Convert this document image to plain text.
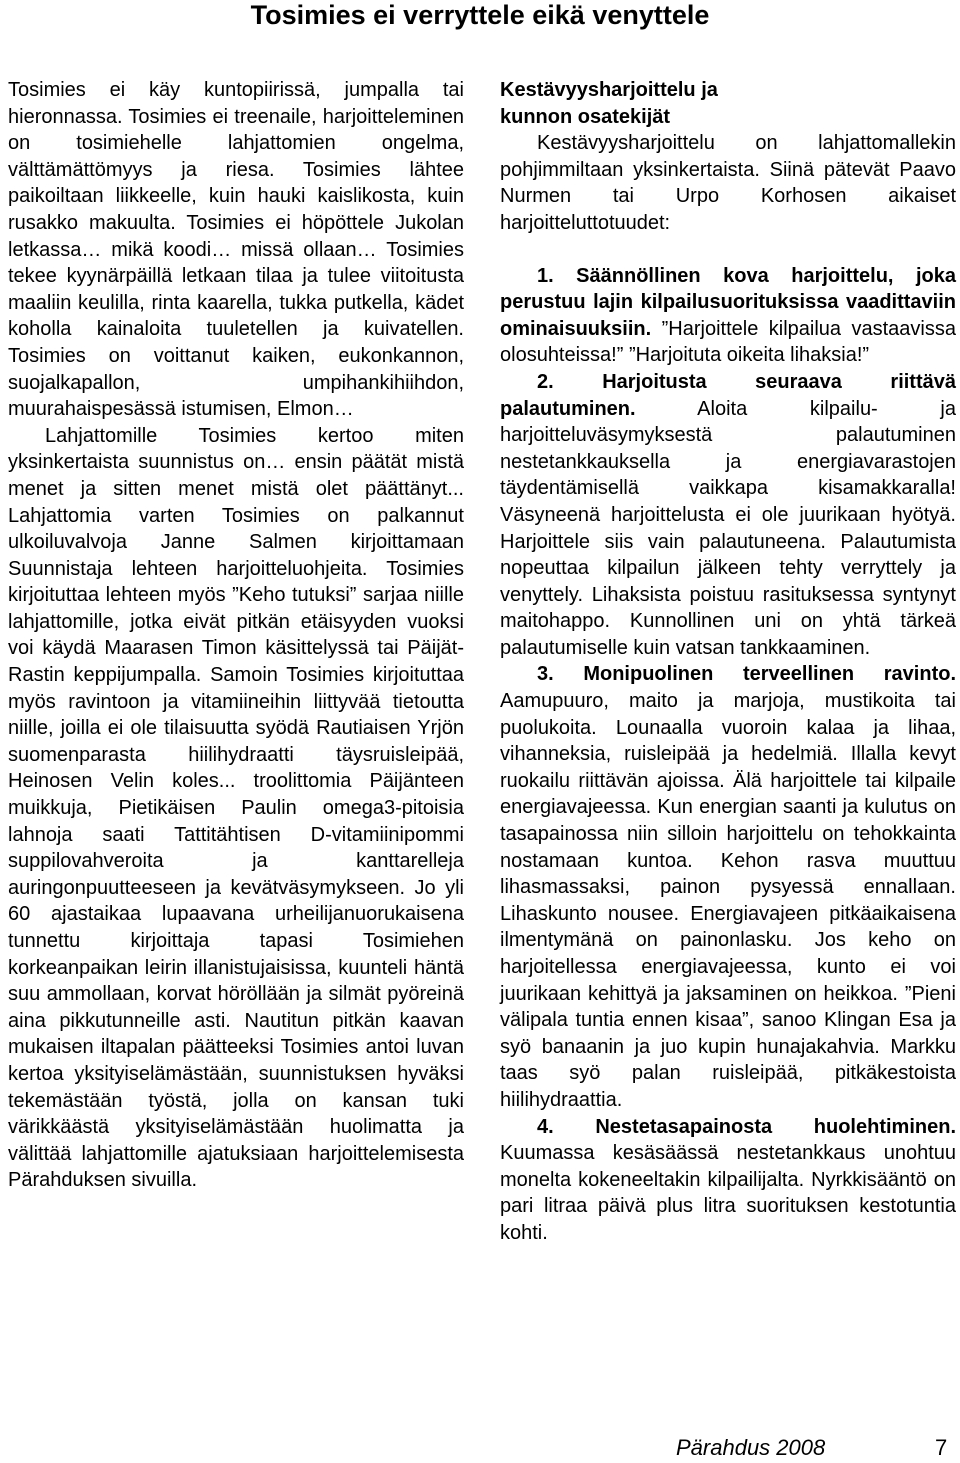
Tosimies ei verryttele eikä venyttele

Tosimies ei käy kuntopiirissä, jumpalla tai hieronnassa. Tosimies ei treenaile, harjoitteleminen on tosimiehelle lahjattomien ongelma, välttämättömyys ja riesa. Tosimies lähtee paikoiltaan liikkeelle, kuin hauki kaislikosta, kuin rusakko makuulta. Tosimies ei höpöttele Jukolan letkassa… mikä koodi… missä ollaan… Tosimies tekee kyynärpäillä letkaan tilaa ja tulee viitoitusta maaliin keulilla, rinta kaarella, tukka putkella, kädet koholla kainaloita tuuletellen ja kuivatellen. Tosimies on voittanut kaiken, eukonkannon, suojalkapallon, umpihankihiihdon, muurahaispesässä istumisen, Elmon…

Lahjattomille Tosimies kertoo miten yksinkertaista suunnistus on… ensin päätät mistä menet ja sitten menet mistä olet päättänyt... Lahjattomia varten Tosimies on palkannut ulkoiluvalvoja Janne Salmen kirjoittamaan Suunnistaja lehteen harjoitteluohjeita. Tosimies kirjoituttaa lehteen myös ”Keho tutuksi” sarjaa niille lahjattomille, jotka eivät pitkän etäisyyden vuoksi voi käydä Maarasen Timon käsittelyssä tai Päijät-Rastin keppijumpalla. Samoin Tosimies kirjoituttaa myös ravintoon ja vitamiineihin liittyvää tietoutta niille, joilla ei ole tilaisuutta syödä Rautiaisen Yrjön suomenparasta hiilihydraatti täysruisleipää, Heinosen Velin koles... troolittomia Päijänteen muikkuja, Pietikäisen Paulin omega3-pitoisia lahnoja saati Tattitähtisen D-vitamiinipommi suppilovahveroita ja kanttarelleja auringonpuutteeseen ja kevätväsymykseen. Jo yli 60 ajastaikaa lupaavana urheilijanuorukaisena tunnettu kirjoittaja tapasi Tosimiehen korkeanpaikan leirin illanistujaisissa, kuunteli häntä suu ammollaan, korvat höröllään ja silmät pyöreinä aina pikkutunneille asti. Nautitun pitkän kaavan mukaisen iltapalan päätteeksi Tosimies antoi luvan kertoa yksityiselämästään, suunnistuksen hyväksi tekemästään työstä, jolla on kansan tuki värikkäästä yksityiselämästään huolimatta ja välittää lahjattomille ajatuksiaan harjoittelemisesta Pärahduksen sivuilla.

Kestävyysharjoittelu ja
kunnon osatekijät

Kestävyysharjoittelu on lahjattomallekin pohjimmiltaan yksinkertaista. Siinä pätevät Paavo Nurmen tai Urpo Korhosen aikaiset harjoitteluttotuudet:

1. Säännöllinen kova harjoittelu, joka perustuu lajin kilpailusuorituksissa vaadittaviin ominaisuuksiin. ”Harjoittele kilpailua vastaavissa olosuhteissa!” ”Harjoituta oikeita lihaksia!”

2. Harjoitusta seuraava riittävä palautuminen. Aloita kilpailu- ja harjoitteluväsymyksestä palautuminen nestetankkauksella ja energiavarastojen täydentämisellä vaikkapa kisamakkaralla! Väsyneenä harjoittelusta ei ole juurikaan hyötyä. Harjoittele siis vain palautuneena. Palautumista nopeuttaa kilpailun jälkeen tehty verryttely ja venyttely. Lihaksista poistuu rasituksessa syntynyt maitohappo. Kunnollinen uni on yhtä tärkeä palautumiselle kuin vatsan tankkaaminen.

3. Monipuolinen terveellinen ravinto. Aamupuuro, maito ja marjoja, mustikoita tai puolukoita. Lounaalla vuoroin kalaa ja lihaa, vihanneksia, ruisleipää ja hedelmiä. Illalla kevyt ruokailu riittävän ajoissa. Älä harjoittele tai kilpaile energiavajeessa. Kun energian saanti ja kulutus on tasapainossa niin silloin harjoittelu on tehokkainta nostamaan kuntoa. Kehon rasva muuttuu lihasmassaksi, painon pysyessä ennallaan. Lihaskunto nousee. Energiavajeen pitkäaikaisena ilmentymänä on painonlasku. Jos keho on harjoitellessa energiavajeessa, kunto ei voi juurikaan kehittyä ja jaksaminen on heikkoa. ”Pieni välipala tuntia ennen kisaa”, sanoo Klingan Esa ja syö banaanin ja juo kupin hunajakahvia. Markku taas syö palan ruisleipää, pitkäkestoista hiilihydraattia.

4. Nestetasapainosta huolehtiminen. Kuumassa kesäsäässä nestetankkaus unohtuu monelta kokeneeltakin kilpailijalta. Nyrkkisääntö on pari litraa päivä plus litra suorituksen kestotuntia kohti.

Pärahdus 2008	7
